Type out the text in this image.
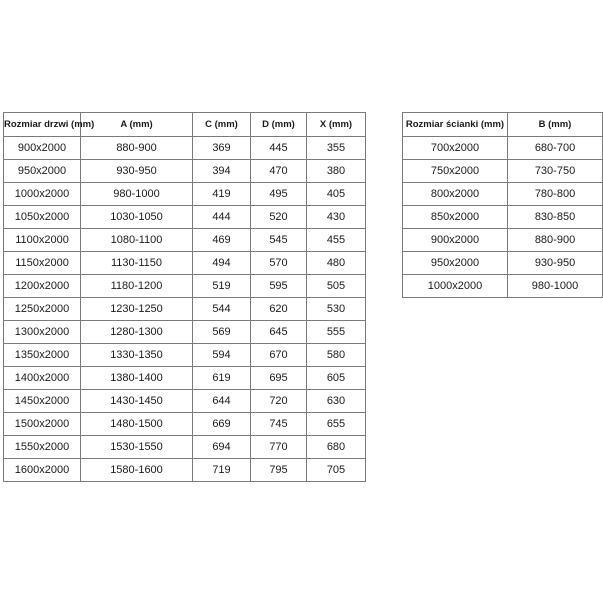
Rozmiar drzwi (mm)	A (mm)	C (mm)	D (mm)	X (mm)
900x2000	880-900	369	445	355
950x2000	930-950	394	470	380
1000x2000	980-1000	419	495	405
1050x2000	1030-1050	444	520	430
1100x2000	1080-1100	469	545	455
1150x2000	1130-1150	494	570	480
1200x2000	1180-1200	519	595	505
1250x2000	1230-1250	544	620	530
1300x2000	1280-1300	569	645	555
1350x2000	1330-1350	594	670	580
1400x2000	1380-1400	619	695	605
1450x2000	1430-1450	644	720	630
1500x2000	1480-1500	669	745	655
1550x2000	1530-1550	694	770	680
1600x2000	1580-1600	719	795	705
Rozmiar ścianki (mm)	B (mm)
700x2000	680-700
750x2000	730-750
800x2000	780-800
850x2000	830-850
900x2000	880-900
950x2000	930-950
1000x2000	980-1000
